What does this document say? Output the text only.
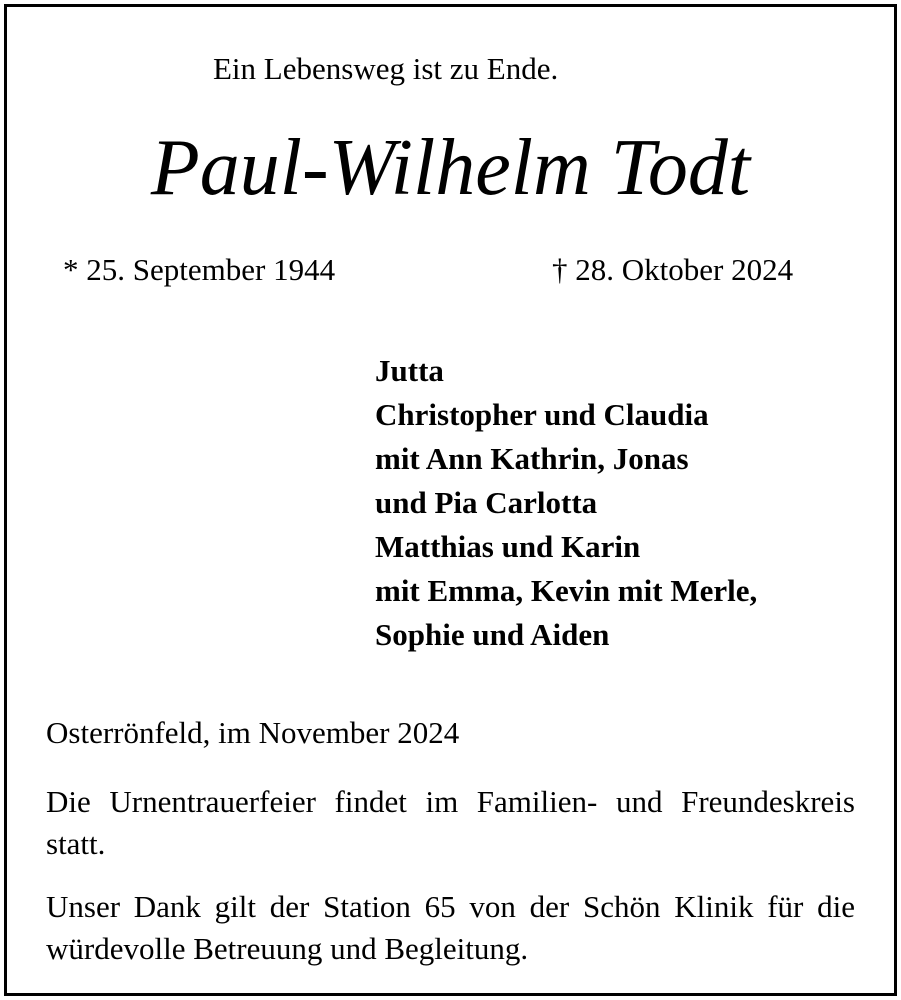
Ein Lebensweg ist zu Ende.
Paul-Wilhelm Todt
* 25. September 1944	† 28. Oktober 2024
Jutta
Christopher und Claudia
mit Ann Kathrin, Jonas
und Pia Carlotta
Matthias und Karin
mit Emma, Kevin mit Merle,
Sophie und Aiden
Osterrönfeld, im November 2024
Die Urnentrauerfeier findet im Familien- und Freundeskreis statt.
Unser Dank gilt der Station 65 von der Schön Klinik für die würdevolle Betreuung und Begleitung.
